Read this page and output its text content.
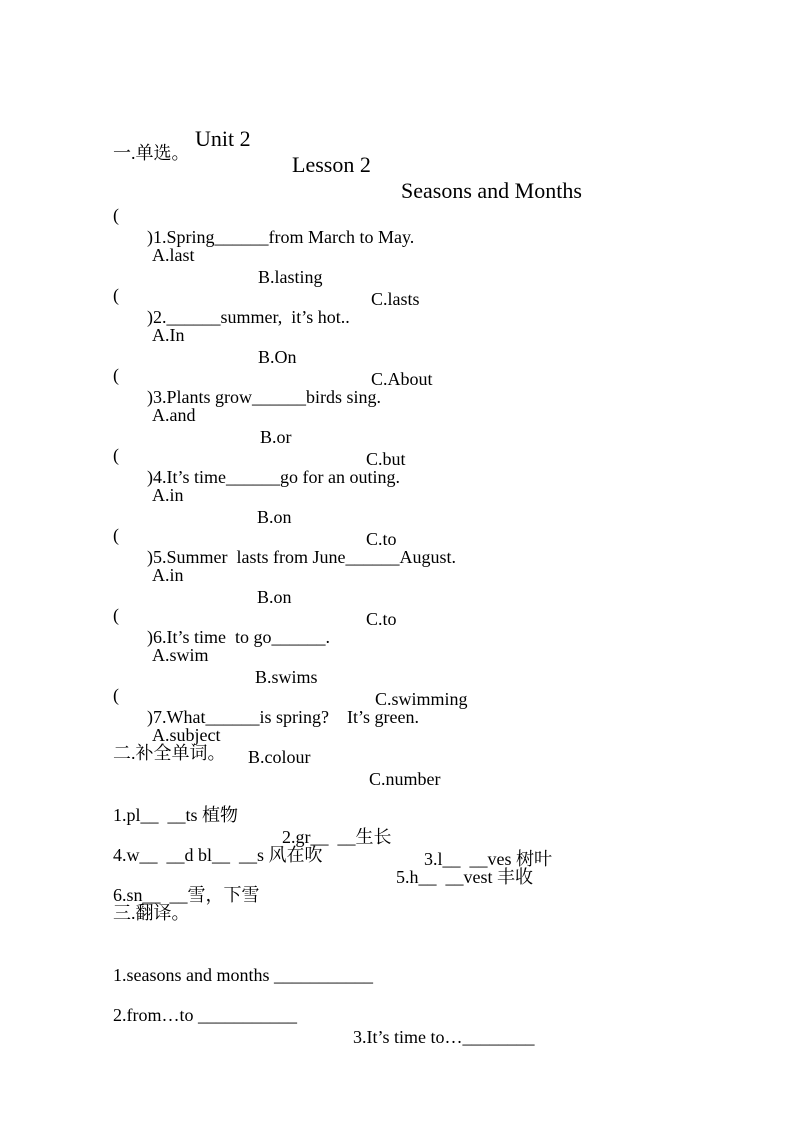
Unit 2

Lesson 2

Seasons and Months

一.单选。

(

)1.Spring______from March to May.

A.last

B.lasting

C.lasts

(

)2.______summer,  it’s hot..

A.In

B.On

C.About

(

)3.Plants grow______birds sing.

A.and

B.or

C.but

(

)4.It’s time______go for an outing.

A.in

B.on

C.to

(

)5.Summer  lasts from June______August.

A.in

B.on

C.to

(

)6.It’s time  to go______.

A.swim

B.swims

C.swimming

(

)7.What______is spring?    It’s green.

A.subject

B.colour

C.number

二.补全单词。

1.pl__  __ts 植物

2.gr__  __生长

3.l__  __ves 树叶

4.w__  __d bl__  __s 风在吹

5.h__  __vest 丰收

6.sn__  __雪，下雪

三.翻译。

1.seasons and months ___________

2.from…to ___________

3.It’s time to…________
